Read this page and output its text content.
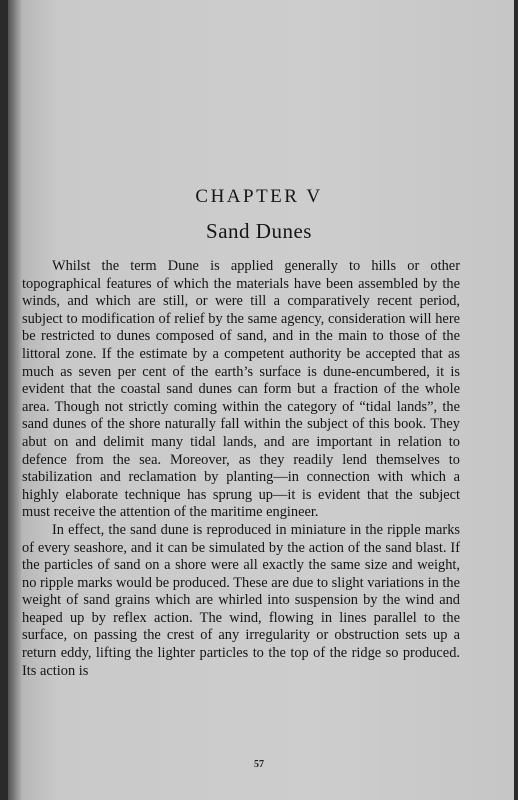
CHAPTER V
Sand Dunes

Whilst the term Dune is applied generally to hills or other topographical features of which the materials have been assembled by the winds, and which are still, or were till a comparatively recent period, subject to modification of relief by the same agency, consideration will here be restricted to dunes composed of sand, and in the main to those of the littoral zone. If the estimate by a competent authority be accepted that as much as seven per cent of the earth’s surface is dune-encumbered, it is evident that the coastal sand dunes can form but a fraction of the whole area. Though not strictly coming within the category of “tidal lands”, the sand dunes of the shore naturally fall within the subject of this book. They abut on and delimit many tidal lands, and are important in relation to defence from the sea. Moreover, as they readily lend themselves to stabilization and reclamation by planting—in connection with which a highly elaborate technique has sprung up—it is evident that the subject must receive the attention of the maritime engineer.

In effect, the sand dune is reproduced in miniature in the ripple marks of every seashore, and it can be simulated by the action of the sand blast. If the particles of sand on a shore were all exactly the same size and weight, no ripple marks would be produced. These are due to slight variations in the weight of sand grains which are whirled into suspension by the wind and heaped up by reflex action. The wind, flowing in lines parallel to the surface, on passing the crest of any irregularity or obstruction sets up a return eddy, lifting the lighter particles to the top of the ridge so produced. Its action is

57
